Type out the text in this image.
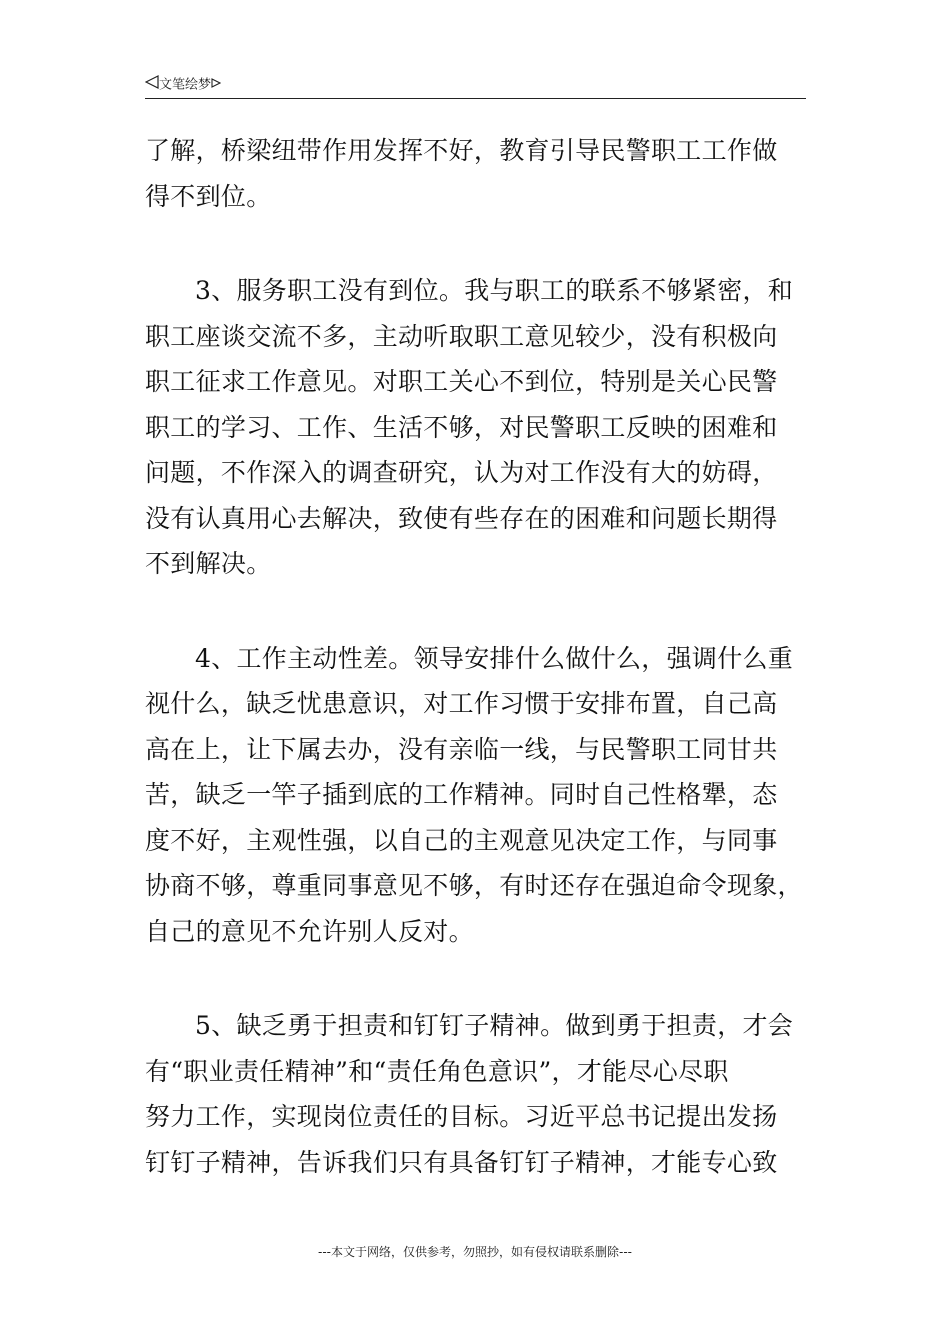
文笔绘梦
了解，桥梁纽带作用发挥不好，教育引导民警职工工作做
得不到位。
3、服务职工没有到位。我与职工的联系不够紧密，和
职工座谈交流不多，主动听取职工意见较少，没有积极向
职工征求工作意见。对职工关心不到位，特别是关心民警
职工的学习、工作、生活不够，对民警职工反映的困难和
问题，不作深入的调查研究，认为对工作没有大的妨碍，
没有认真用心去解决，致使有些存在的困难和问题长期得
不到解决。
4、工作主动性差。领导安排什么做什么，强调什么重
视什么，缺乏忧患意识，对工作习惯于安排布置，自己高
高在上，让下属去办，没有亲临一线，与民警职工同甘共
苦，缺乏一竿子插到底的工作精神。同时自己性格犟，态
度不好，主观性强，以自己的主观意见决定工作，与同事
协商不够，尊重同事意见不够，有时还存在强迫命令现象，
自己的意见不允许别人反对。
5、缺乏勇于担责和钉钉子精神。做到勇于担责，才会
有“职业责任精神”和“责任角色意识”，才能尽心尽职
努力工作，实现岗位责任的目标。习近平总书记提出发扬
钉钉子精神，告诉我们只有具备钉钉子精神，才能专心致
---本文于网络，仅供参考，勿照抄，如有侵权请联系删除---
